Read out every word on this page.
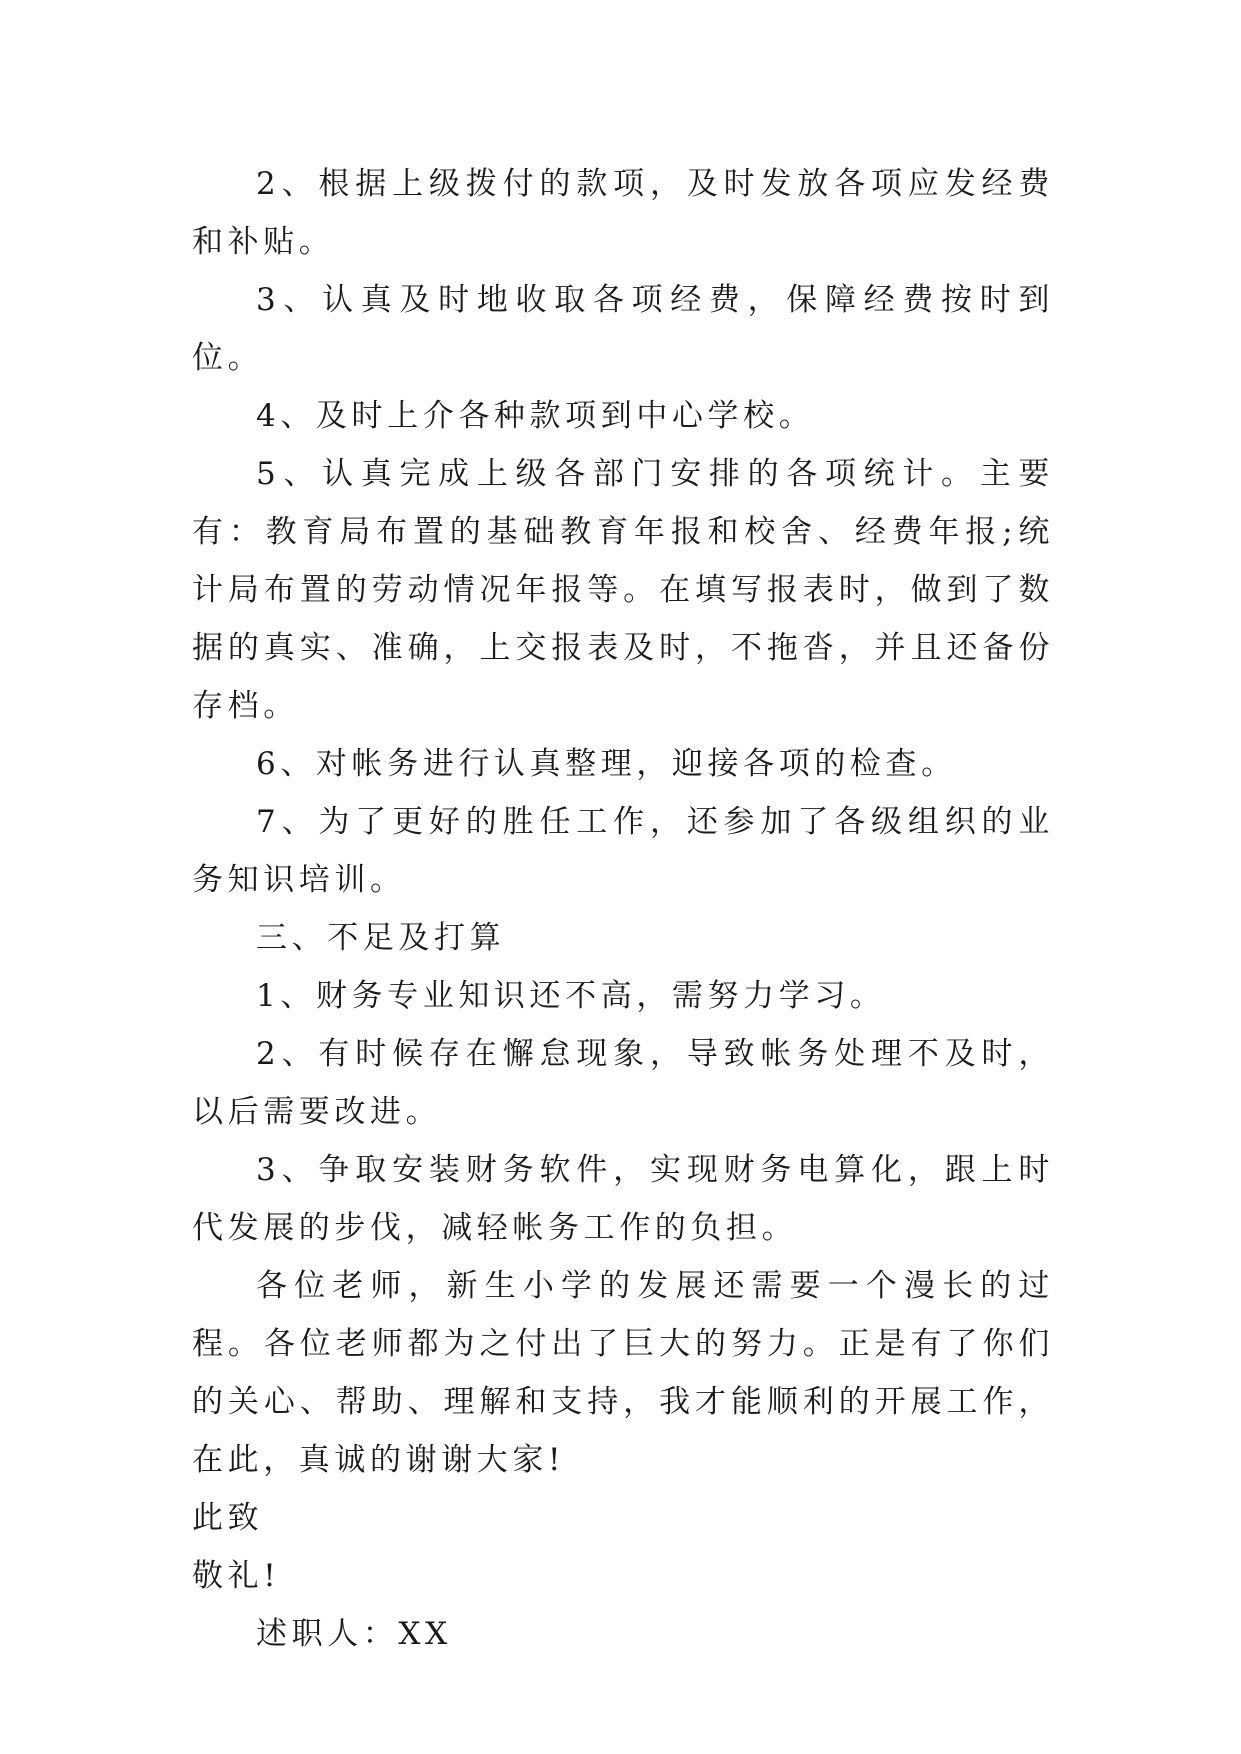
2、根据上级拨付的款项，及时发放各项应发经费和补贴。

3、认真及时地收取各项经费，保障经费按时到位。

4、及时上介各种款项到中心学校。

5、认真完成上级各部门安排的各项统计。主要有：教育局布置的基础教育年报和校舍、经费年报;统计局布置的劳动情况年报等。在填写报表时，做到了数据的真实、准确，上交报表及时，不拖沓，并且还备份存档。

6、对帐务进行认真整理，迎接各项的检查。

7、为了更好的胜任工作，还参加了各级组织的业务知识培训。

三、不足及打算

1、财务专业知识还不高，需努力学习。

2、有时候存在懈怠现象，导致帐务处理不及时，以后需要改进。

3、争取安装财务软件，实现财务电算化，跟上时代发展的步伐，减轻帐务工作的负担。

各位老师，新生小学的发展还需要一个漫长的过程。各位老师都为之付出了巨大的努力。正是有了你们的关心、帮助、理解和支持，我才能顺利的开展工作，在此，真诚的谢谢大家!

此致

敬礼!

述职人：XX
